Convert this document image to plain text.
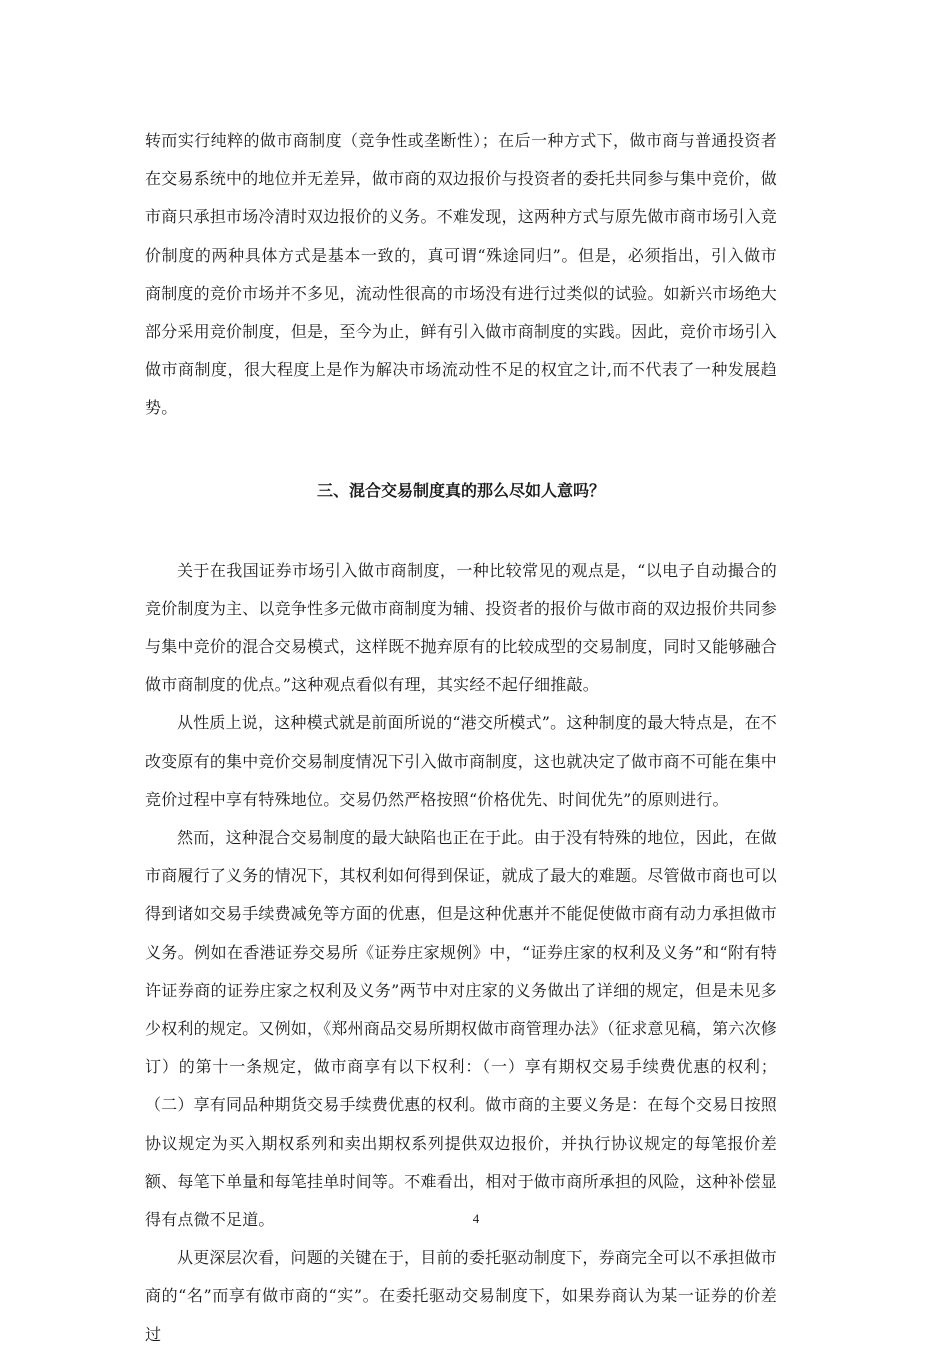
转而实行纯粹的做市商制度（竞争性或垄断性）；在后一种方式下，做市商与普通投资者在交易系统中的地位并无差异，做市商的双边报价与投资者的委托共同参与集中竞价，做市商只承担市场冷清时双边报价的义务。不难发现，这两种方式与原先做市商市场引入竞价制度的两种具体方式是基本一致的，真可谓“殊途同归”。但是，必须指出，引入做市商制度的竞价市场并不多见，流动性很高的市场没有进行过类似的试验。如新兴市场绝大部分采用竞价制度，但是，至今为止，鲜有引入做市商制度的实践。因此，竞价市场引入做市商制度，很大程度上是作为解决市场流动性不足的权宜之计,而不代表了一种发展趋势。

三、混合交易制度真的那么尽如人意吗？

关于在我国证券市场引入做市商制度，一种比较常见的观点是，“以电子自动撮合的竞价制度为主、以竞争性多元做市商制度为辅、投资者的报价与做市商的双边报价共同参与集中竞价的混合交易模式，这样既不抛弃原有的比较成型的交易制度，同时又能够融合做市商制度的优点。”这种观点看似有理，其实经不起仔细推敲。

从性质上说，这种模式就是前面所说的“港交所模式”。这种制度的最大特点是，在不改变原有的集中竞价交易制度情况下引入做市商制度，这也就决定了做市商不可能在集中竞价过程中享有特殊地位。交易仍然严格按照“价格优先、时间优先”的原则进行。

然而，这种混合交易制度的最大缺陷也正在于此。由于没有特殊的地位，因此，在做市商履行了义务的情况下，其权利如何得到保证，就成了最大的难题。尽管做市商也可以得到诸如交易手续费减免等方面的优惠，但是这种优惠并不能促使做市商有动力承担做市义务。例如在香港证券交易所《证券庄家规例》中，“证券庄家的权利及义务”和“附有特许证券商的证券庄家之权利及义务”两节中对庄家的义务做出了详细的规定，但是未见多少权利的规定。又例如，《郑州商品交易所期权做市商管理办法》（征求意见稿，第六次修订）的第十一条规定，做市商享有以下权利：（一）享有期权交易手续费优惠的权利；（二）享有同品种期货交易手续费优惠的权利。做市商的主要义务是：在每个交易日按照协议规定为买入期权系列和卖出期权系列提供双边报价，并执行协议规定的每笔报价差额、每笔下单量和每笔挂单时间等。不难看出，相对于做市商所承担的风险，这种补偿显得有点微不足道。

从更深层次看，问题的关键在于，目前的委托驱动制度下，券商完全可以不承担做市商的“名”而享有做市商的“实”。在委托驱动交易制度下，如果券商认为某一证券的价差过

4
